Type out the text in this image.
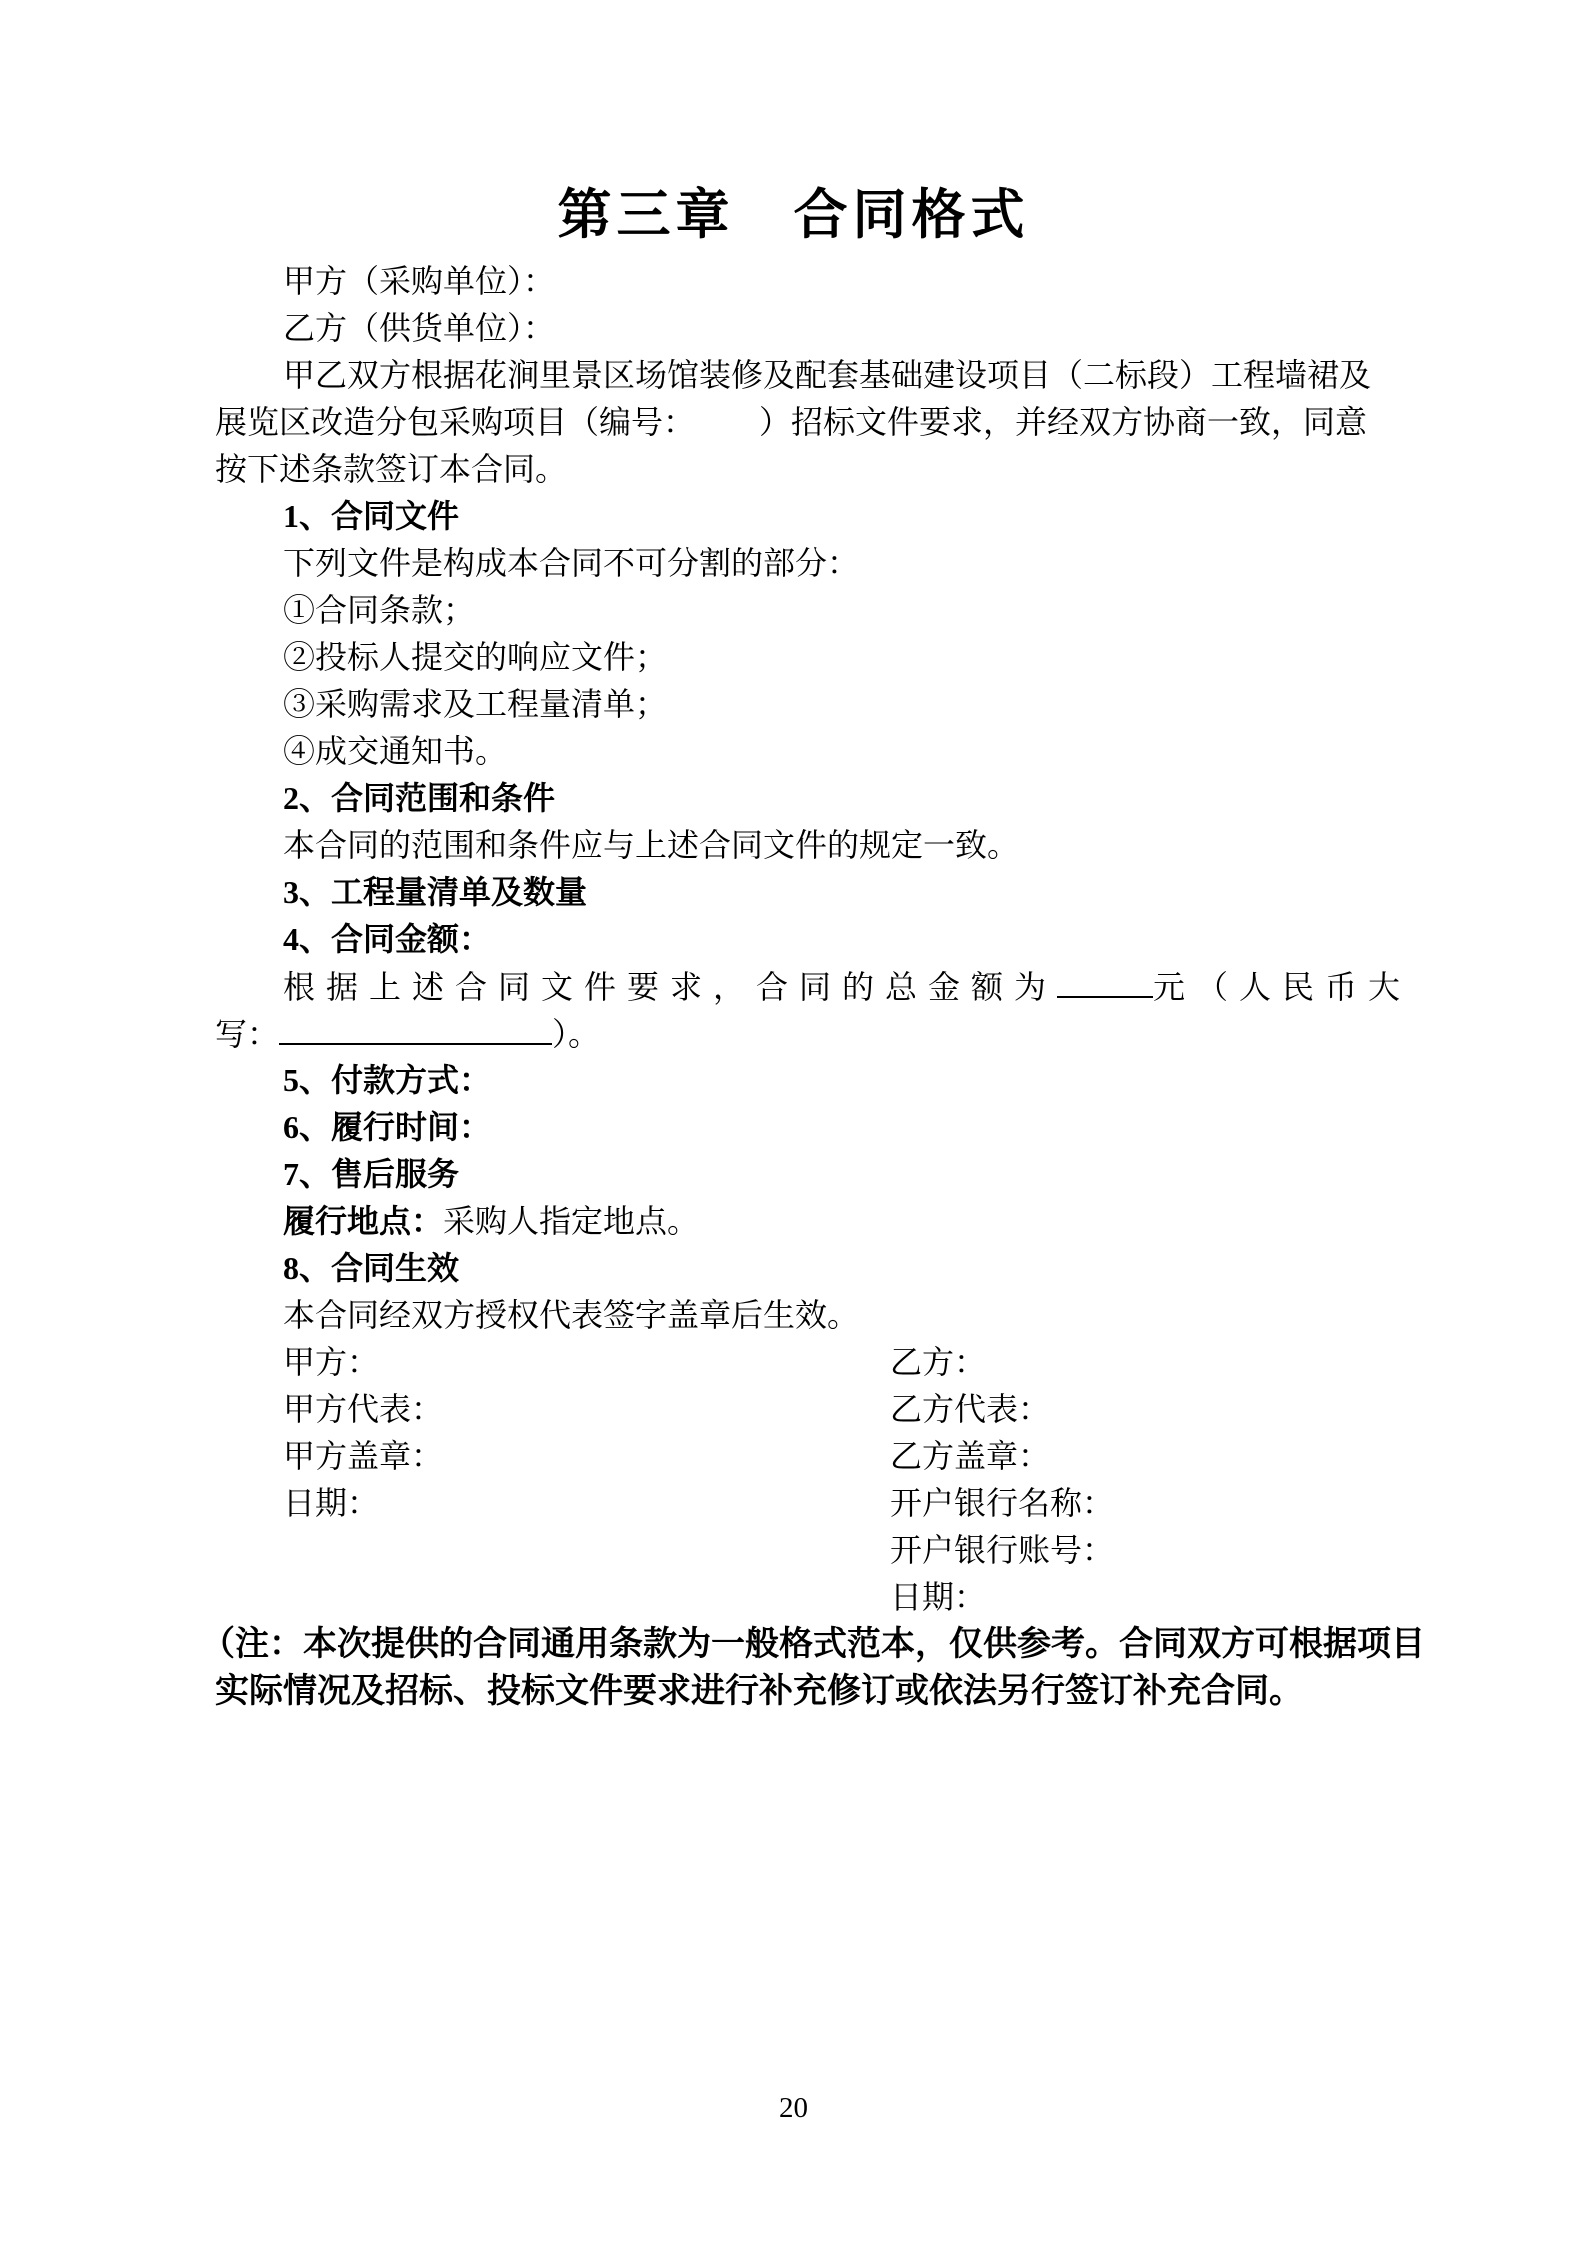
第三章　合同格式
甲方（采购单位）：
乙方（供货单位）：
甲乙双方根据花涧里景区场馆装修及配套基础建设项目（二标段）工程墙裙及
展览区改造分包采购项目（编号： ）招标文件要求，并经双方协商一致，同意
按下述条款签订本合同。
1、合同文件
下列文件是构成本合同不可分割的部分：
①合同条款；
②投标人提交的响应文件；
③采购需求及工程量清单；
④成交通知书。
2、合同范围和条件
本合同的范围和条件应与上述合同文件的规定一致。
3、工程量清单及数量
4、合同金额：
根据上述合同文件要求，合同的总金额为	元（人民币大
写：	）。
5、付款方式：
6、履行时间：
7、售后服务
履行地点：采购人指定地点。
8、合同生效
本合同经双方授权代表签字盖章后生效。
甲方：	乙方：
甲方代表：	乙方代表：
甲方盖章：	乙方盖章：
日期：	开户银行名称：
开户银行账号：
日期：
（注：本次提供的合同通用条款为一般格式范本，仅供参考。合同双方可根据项目
实际情况及招标、投标文件要求进行补充修订或依法另行签订补充合同。
20
